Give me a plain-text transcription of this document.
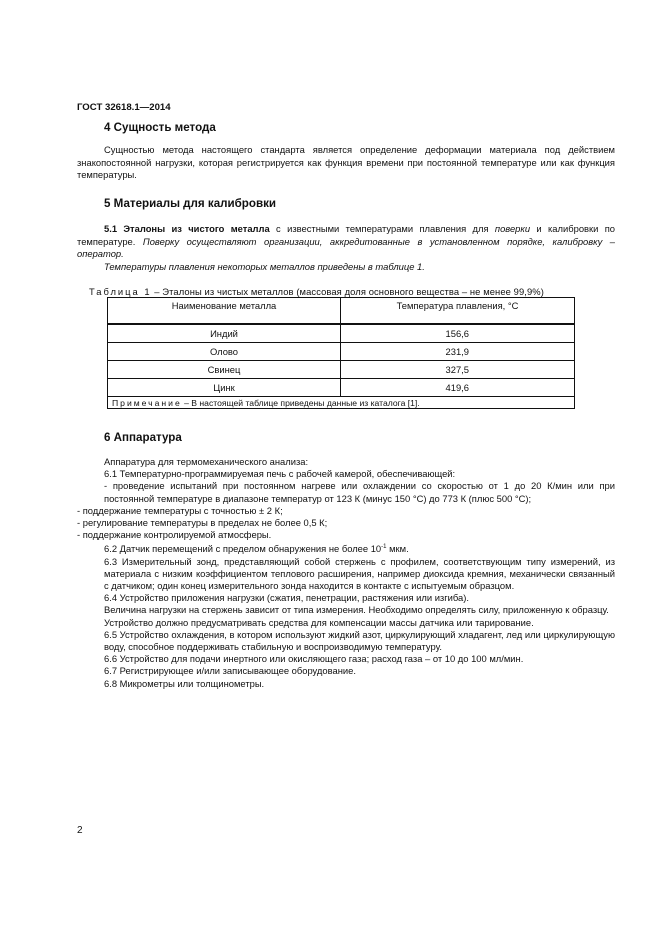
ГОСТ 32618.1—2014
4 Сущность метода

Сущностью метода настоящего стандарта является определение деформации материала под действием знакопостоянной нагрузки, которая регистрируется как функция времени при постоянной температуре или как функция температуры.

5 Материалы для калибровки

5.1 Эталоны из чистого металла с известными температурами плавления для поверки и калибровки по температуре. Поверку осуществляют организации, аккредитованные в установленном порядке, калибровку – оператор.

Температуры плавления некоторых металлов приведены в таблице 1.

Таблица 1 – Эталоны из чистых металлов (массовая доля основного вещества – не менее 99,9%)
Наименование металла	Температура плавления, °С
Индий	156,6
Олово	231,9
Свинец	327,5
Цинк	419,6
Примечание – В настоящей таблице приведены данные из каталога [1].	
6 Аппаратура
Аппаратура для термомеханического анализа:
6.1 Температурно-программируемая печь с рабочей камерой, обеспечивающей:
- проведение испытаний при постоянном нагреве или охлаждении со скоростью от 1 до 20 К/мин или при постоянной температуре в диапазоне температур от 123 К (минус 150 °С) до 773 К (плюс 500 °С);
- поддержание температуры с точностью ± 2 К;
- регулирование температуры в пределах не более 0,5 К;
- поддержание контролируемой атмосферы.
6.2 Датчик перемещений с пределом обнаружения не более $10^{-1}$ мкм.
6.3 Измерительный зонд, представляющий собой стержень с профилем, соответствующим типу измерений, из материала с низким коэффициентом теплового расширения, например диоксида кремния, механически связанный с датчиком; один конец измерительного зонда находится в контакте с испытуемым образцом.
6.4 Устройство приложения нагрузки (сжатия, пенетрации, растяжения или изгиба).
Величина нагрузки на стержень зависит от типа измерения. Необходимо определять силу, приложенную к образцу.
Устройство должно предусматривать средства для компенсации массы датчика или тарирование.
6.5 Устройство охлаждения, в котором используют жидкий азот, циркулирующий хладагент, лед или циркулирующую воду, способное поддерживать стабильную и воспроизводимую температуру.
6.6 Устройство для подачи инертного или окисляющего газа; расход газа – от 10 до 100 мл/мин.
6.7 Регистрирующее и/или записывающее оборудование.
6.8 Микрометры или толщинометры.
2
